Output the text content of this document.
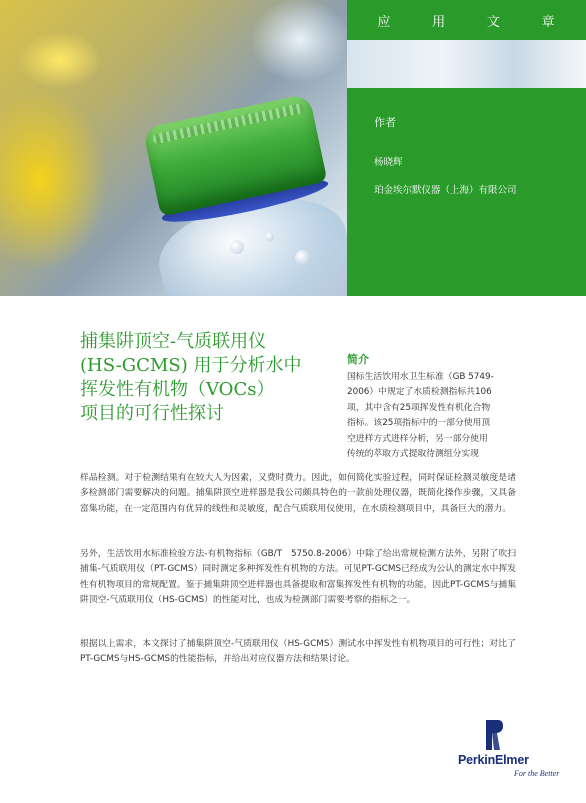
应	用	文	章
作者
杨晓辉
珀金埃尔默仪器（上海）有限公司
捕集阱顶空-气质联用仪
(HS-GCMS) 用于分析水中
挥发性有机物（VOCs）
项目的可行性探讨
简介
国标生活饮用水卫生标准（GB 5749-
2006）中规定了水质检测指标共106
项，其中含有25项挥发性有机化合物
指标。该25项指标中的一部分使用顶
空进样方式进样分析，另一部分使用
传统的萃取方式提取待测组分实现
样品检测。对于检测结果有在较大人为因素，又费时费力。因此，如何简化实验过程，同时保证检测灵敏度是诸多检测部门需要解决的问题。捕集阱顶空进样器是我公司颇具特色的一款前处理仪器，既简化操作步骤，又具备富集功能，在一定范围内有优异的线性和灵敏度，配合气质联用仪使用，在水质检测项目中，具备巨大的潜力。
另外，生活饮用水标准检验方法-有机物指标（GB/T　5750.8-2006）中除了给出常规检测方法外，另附了吹扫捕集-气质联用仪（PT-GCMS）同时测定多种挥发性有机物的方法。可见PT-GCMS已经成为公认的测定水中挥发性有机物项目的常规配置。鉴于捕集阱顶空进样器也具备提取和富集挥发性有机物的功能，因此PT-GCMS与捕集阱顶空-气质联用仪（HS-GCMS）的性能对比，也成为检测部门需要考察的指标之一。
根据以上需求，本文探讨了捕集阱顶空-气质联用仪（HS-GCMS）测试水中挥发性有机物项目的可行性；对比了PT-GCMS与HS-GCMS的性能指标，并给出对应仪器方法和结果讨论。
PerkinElmer
For the Better
